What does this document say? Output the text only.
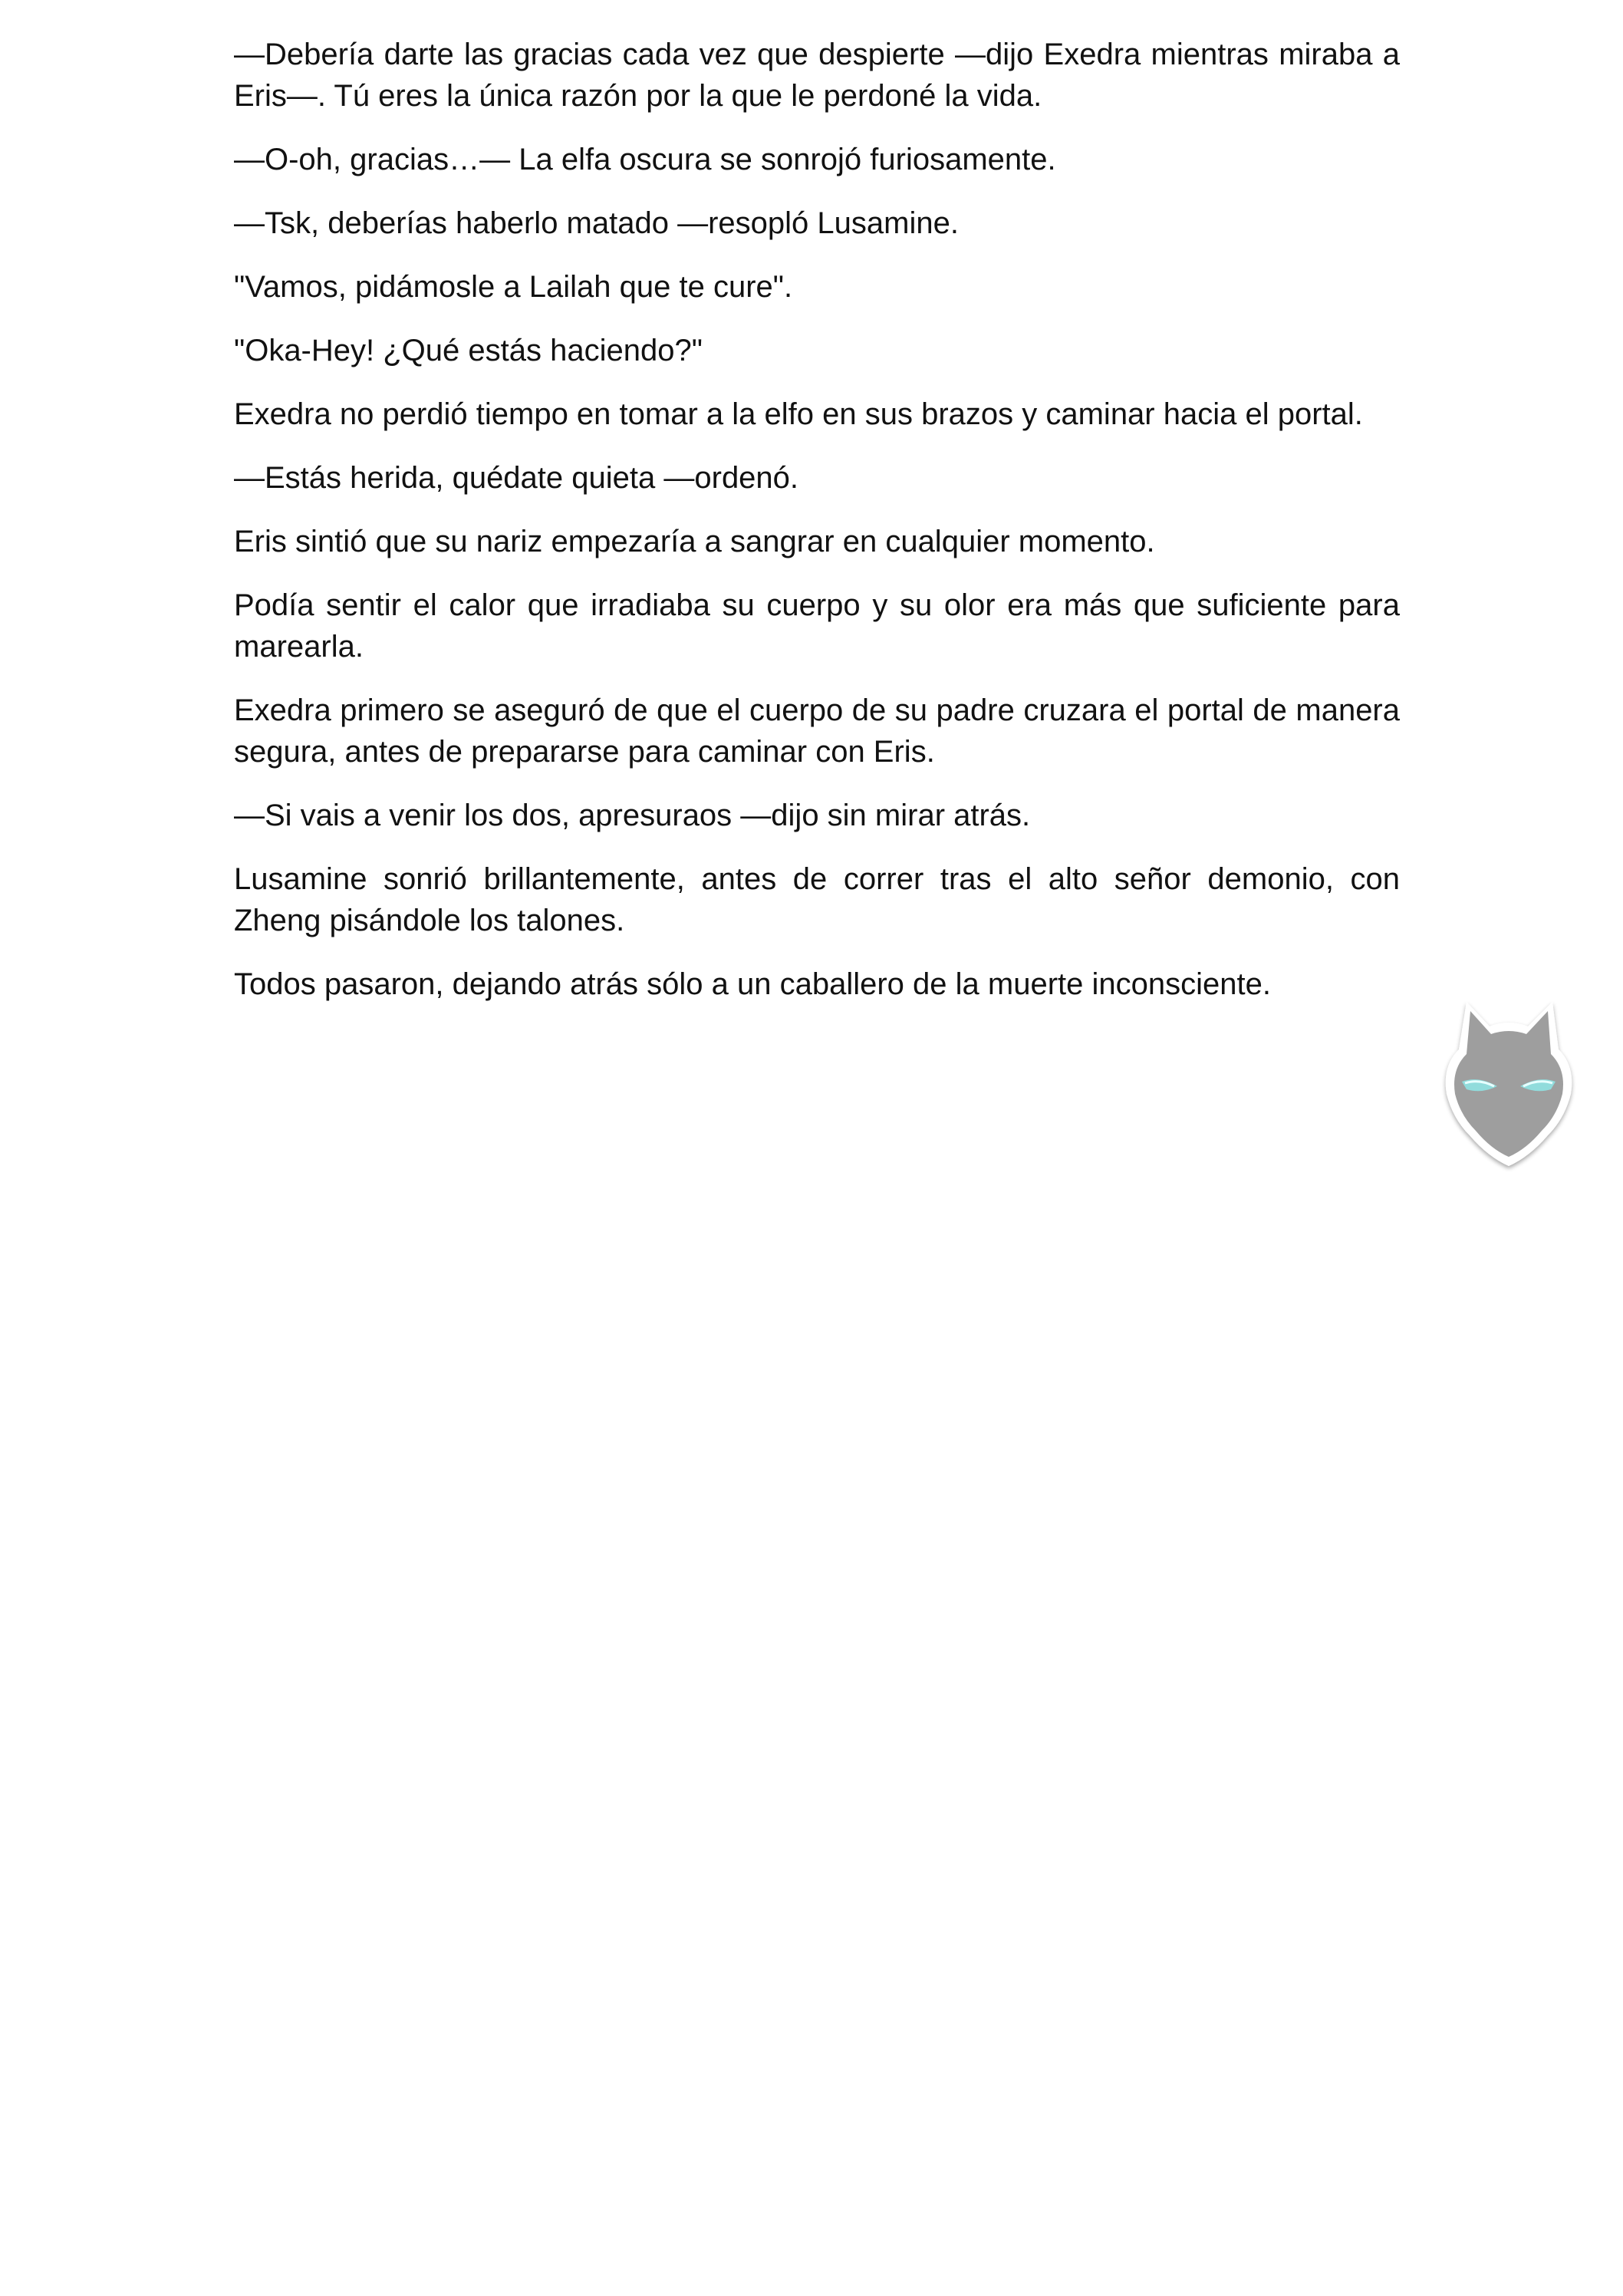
—Debería darte las gracias cada vez que despierte —dijo Exedra mientras miraba a Eris—. Tú eres la única razón por la que le perdoné la vida.

—O-oh, gracias…— La elfa oscura se sonrojó furiosamente.

—Tsk, deberías haberlo matado —resopló Lusamine.

"Vamos, pidámosle a Lailah que te cure".

"Oka-Hey! ¿Qué estás haciendo?"

Exedra no perdió tiempo en tomar a la elfo en sus brazos y caminar hacia el portal.

—Estás herida, quédate quieta —ordenó.

Eris sintió que su nariz empezaría a sangrar en cualquier momento.

Podía sentir el calor que irradiaba su cuerpo y su olor era más que suficiente para marearla.

Exedra primero se aseguró de que el cuerpo de su padre cruzara el portal de manera segura, antes de prepararse para caminar con Eris.

—Si vais a venir los dos, apresuraos —dijo sin mirar atrás.

Lusamine sonrió brillantemente, antes de correr tras el alto señor demonio, con Zheng pisándole los talones.

Todos pasaron, dejando atrás sólo a un caballero de la muerte inconsciente.
